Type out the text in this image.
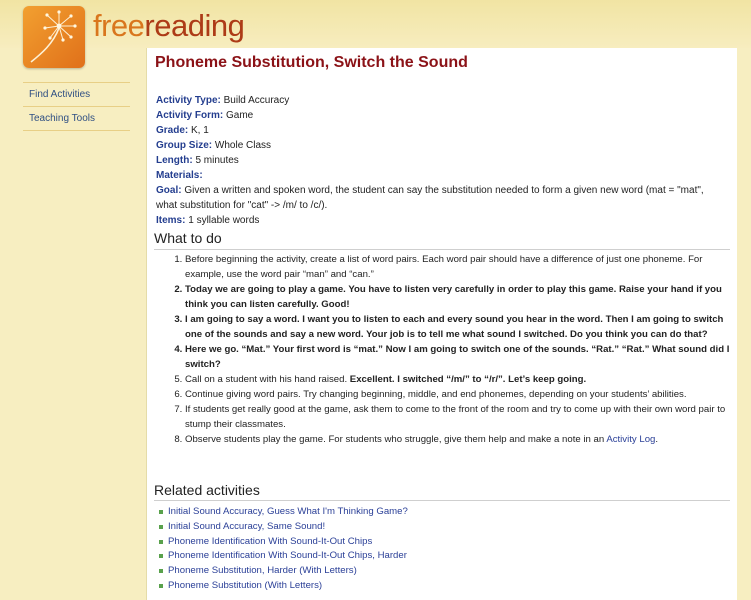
freereading
Find Activities
Teaching Tools
Phoneme Substitution, Switch the Sound
Activity Type: Build Accuracy
Activity Form: Game
Grade: K, 1
Group Size: Whole Class
Length: 5 minutes
Materials:
Goal: Given a written and spoken word, the student can say the substitution needed to form a given new word (mat = "mat", what substitution for "cat" -> /m/ to /c/).
Items: 1 syllable words
What to do
1. Before beginning the activity, create a list of word pairs. Each word pair should have a difference of just one phoneme. For example, use the word pair “man” and “can.”
2. Today we are going to play a game. You have to listen very carefully in order to play this game. Raise your hand if you think you can listen carefully. Good!
3. I am going to say a word. I want you to listen to each and every sound you hear in the word. Then I am going to switch one of the sounds and say a new word. Your job is to tell me what sound I switched. Do you think you can do that?
4. Here we go. “Mat.” Your first word is “mat.” Now I am going to switch one of the sounds. “Rat.” “Rat.” What sound did I switch?
5. Call on a student with his hand raised. Excellent. I switched “/m/” to “/r/”. Let’s keep going.
6. Continue giving word pairs. Try changing beginning, middle, and end phonemes, depending on your students’ abilities.
7. If students get really good at the game, ask them to come to the front of the room and try to come up with their own word pair to stump their classmates.
8. Observe students play the game. For students who struggle, give them help and make a note in an Activity Log.
Related activities
Initial Sound Accuracy, Guess What I'm Thinking Game?
Initial Sound Accuracy, Same Sound!
Phoneme Identification With Sound-It-Out Chips
Phoneme Identification With Sound-It-Out Chips, Harder
Phoneme Substitution, Harder (With Letters)
Phoneme Substitution (With Letters)
